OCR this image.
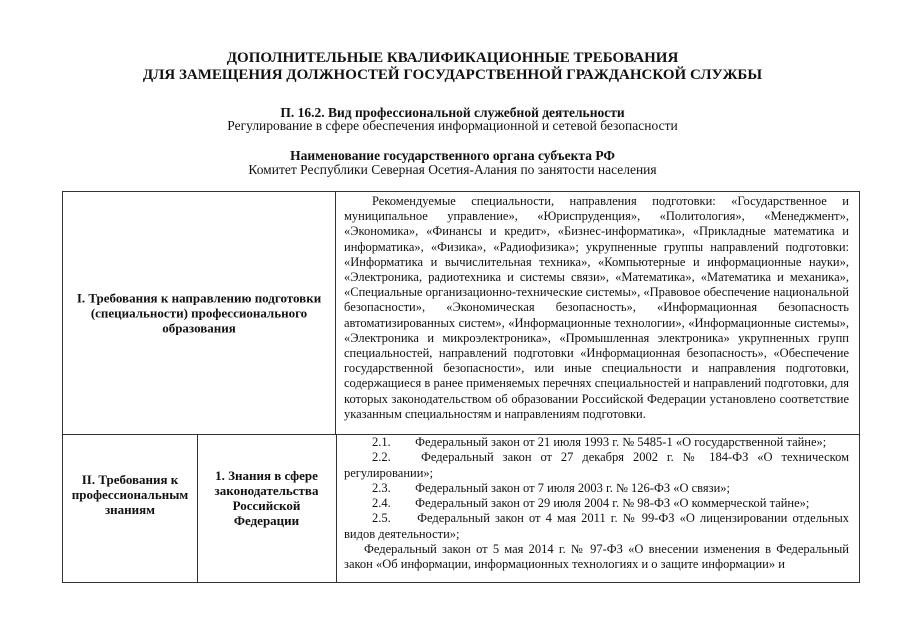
ДОПОЛНИТЕЛЬНЫЕ КВАЛИФИКАЦИОННЫЕ ТРЕБОВАНИЯ
ДЛЯ ЗАМЕЩЕНИЯ ДОЛЖНОСТЕЙ ГОСУДАРСТВЕННОЙ ГРАЖДАНСКОЙ СЛУЖБЫ
П. 16.2. Вид профессиональной служебной деятельности
Регулирование в сфере обеспечения информационной и сетевой безопасности
Наименование государственного органа субъекта РФ
Комитет Республики Северная Осетия-Алания по занятости населения
I. Требования к направлению подготовки (специальности) профессионального образования
Рекомендуемые специальности, направления подготовки: «Государственное и муниципальное управление», «Юриспруденция», «Политология», «Менеджмент», «Экономика», «Финансы и кредит», «Бизнес-информатика», «Прикладные математика и информатика», «Физика», «Радиофизика»; укрупненные группы направлений подготовки: «Информатика и вычислительная техника», «Компьютерные и информационные науки», «Электроника, радиотехника и системы связи», «Математика», «Математика и механика», «Специальные организационно-технические системы», «Правовое обеспечение национальной безопасности», «Экономическая безопасность», «Информационная безопасность автоматизированных систем», «Информационные технологии», «Информационные системы», «Электроника и микроэлектроника», «Промышленная электроника» укрупненных групп специальностей, направлений подготовки «Информационная безопасность», «Обеспечение государственной безопасности», или иные специальности и направления подготовки, содержащиеся в ранее применяемых перечнях специальностей и направлений подготовки, для которых законодательством об образовании Российской Федерации установлено соответствие указанным специальностям и направлениям подготовки.
II. Требования к профессиональным знаниям
1. Знания в сфере законодательства Российской Федерации
2.1. Федеральный закон от 21 июля 1993 г. № 5485-1 «О государственной тайне»;
2.2. Федеральный закон от 27 декабря 2002 г. № 184-ФЗ «О техническом регулировании»;
2.3. Федеральный закон от 7 июля 2003 г. № 126-ФЗ «О связи»;
2.4. Федеральный закон от 29 июля 2004 г. № 98-ФЗ «О коммерческой тайне»;
2.5. Федеральный закон от 4 мая 2011 г. № 99-ФЗ «О лицензировании отдельных видов деятельности»;
Федеральный закон от 5 мая 2014 г. № 97-ФЗ «О внесении изменения в Федеральный закон «Об информации, информационных технологиях и о защите информации» и
